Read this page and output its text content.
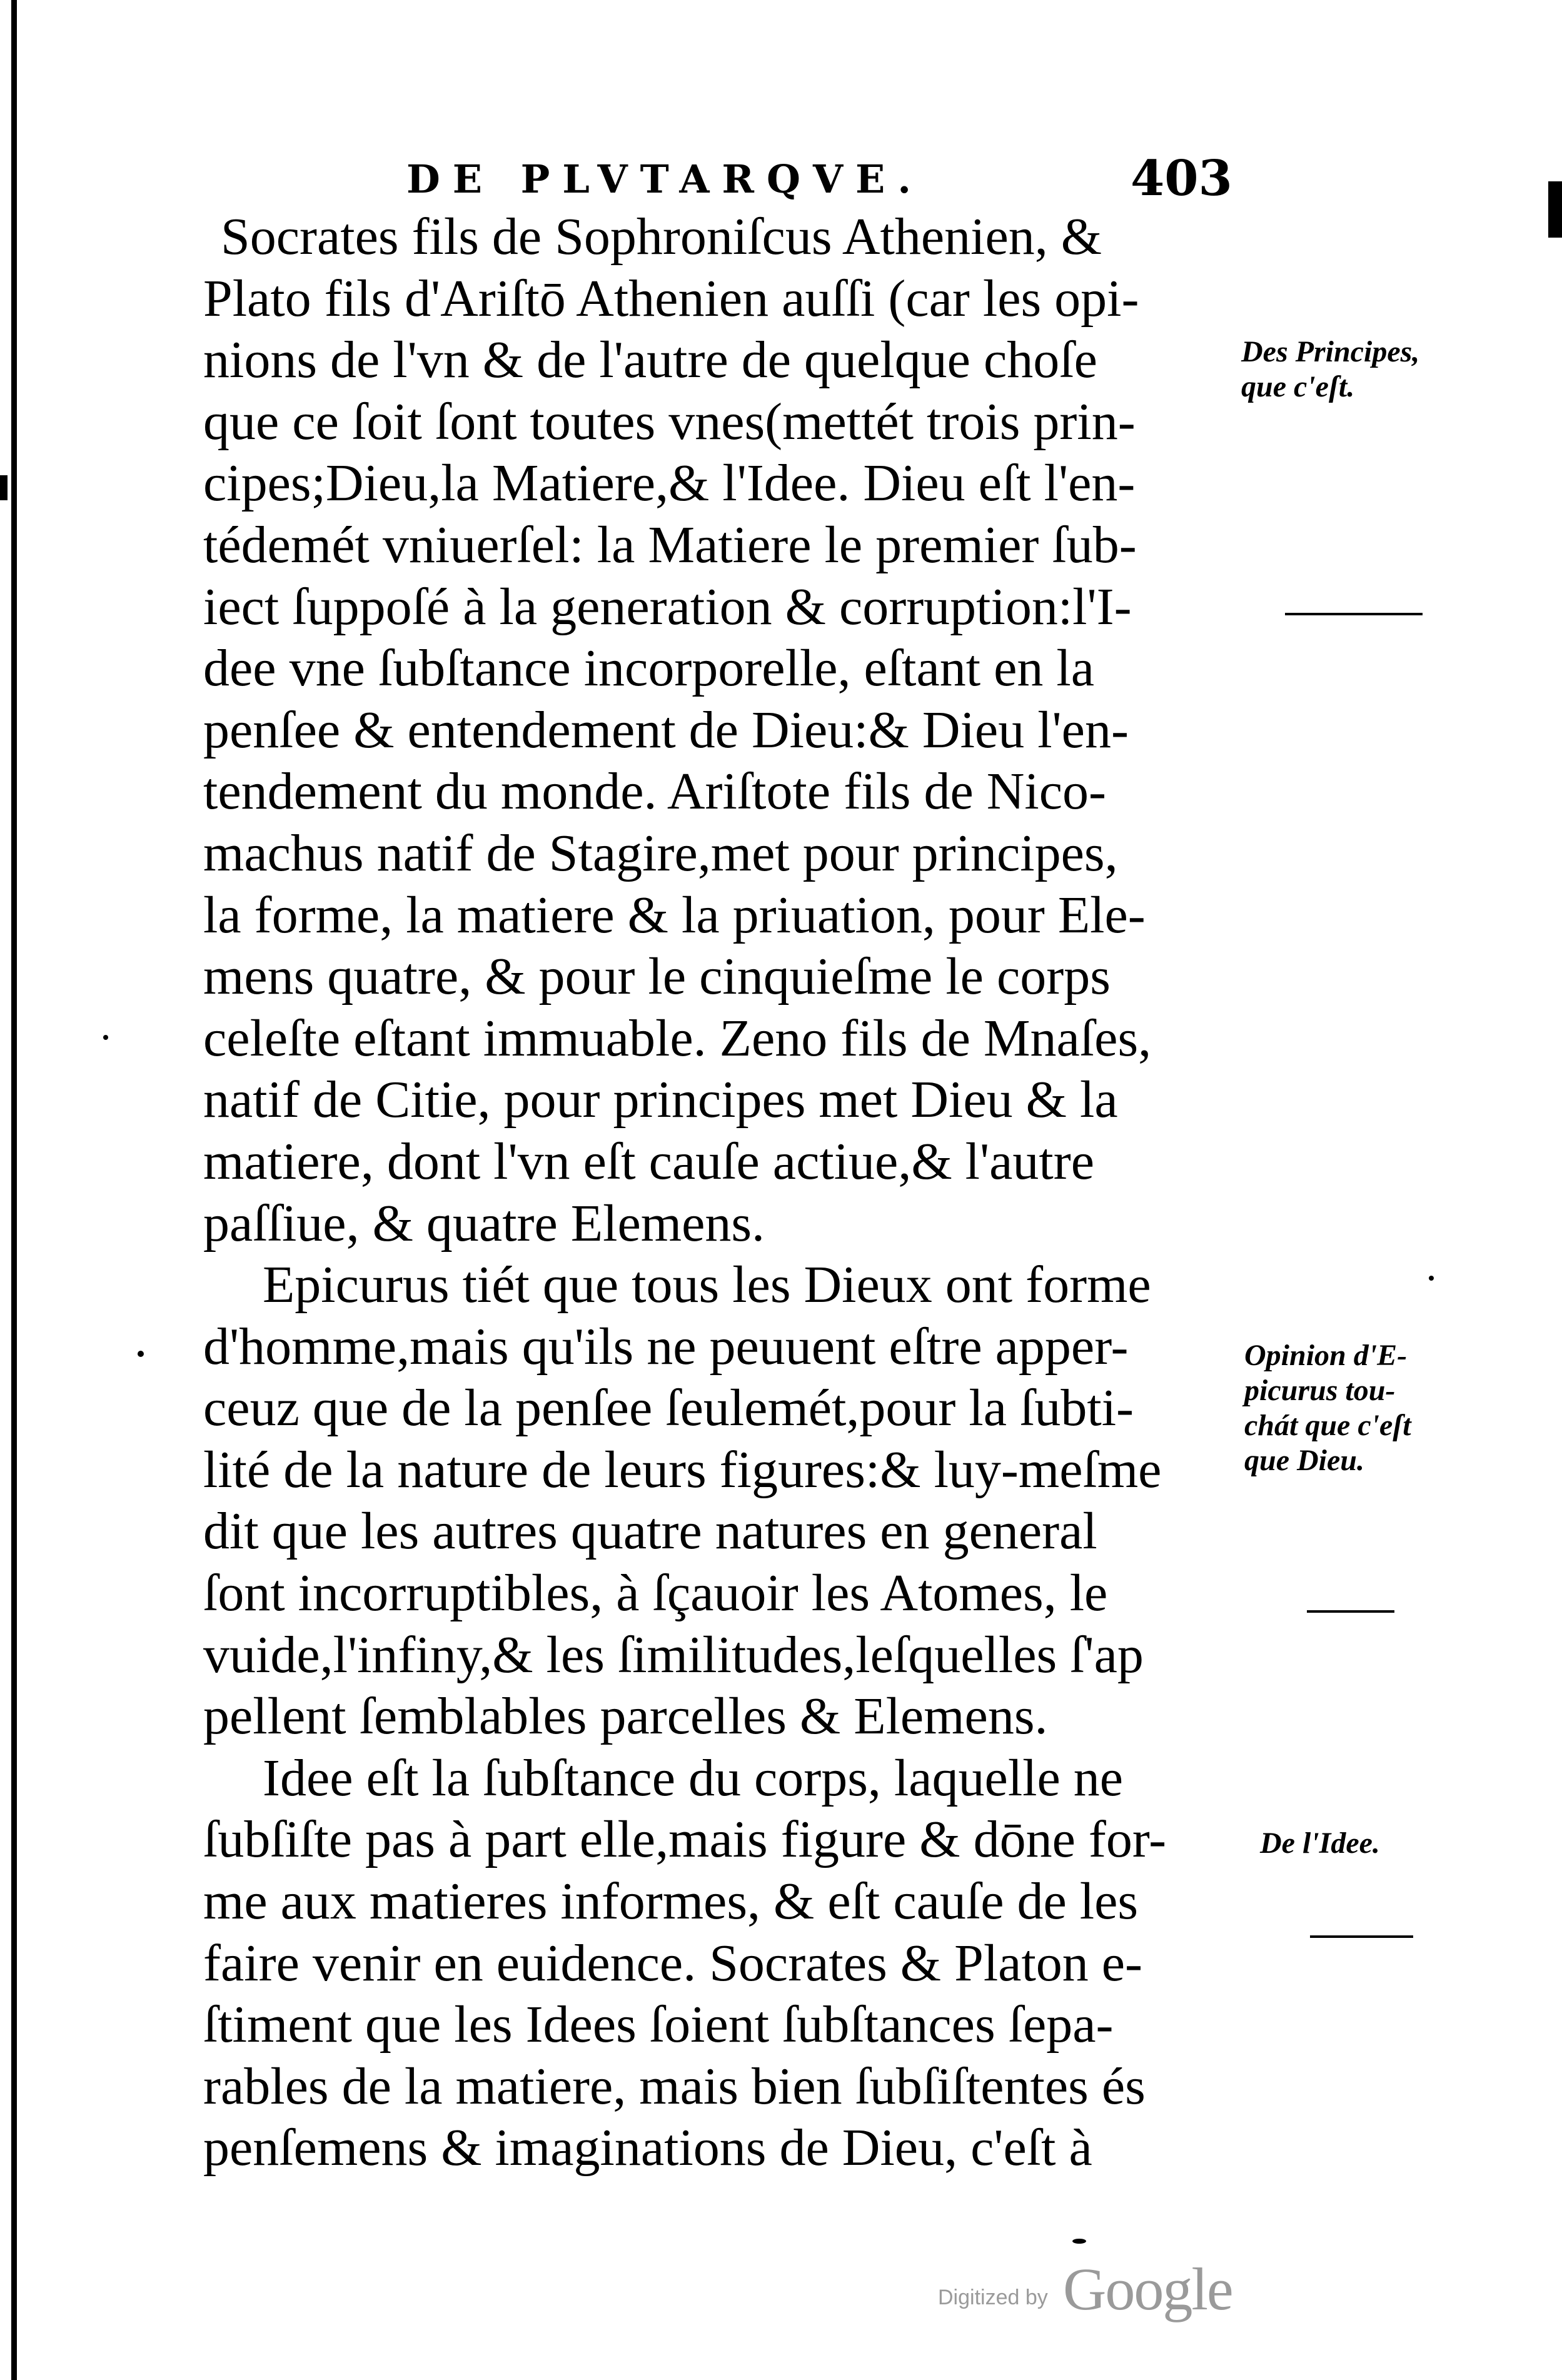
DE PLVTARQVE.	403
Socrates fils de Sophroniſcus Athenien, &
Plato fils d'Ariſtō Athenien auſſi (car les opi-
nions de l'vn & de l'autre de quelque choſe
que ce ſoit ſont toutes vnes(mettét trois prin-
cipes;Dieu,la Matiere,& l'Idee. Dieu eſt l'en-
tédemét vniuerſel: la Matiere le premier ſub-
iect ſuppoſé à la generation & corruption:l'I-
dee vne ſubſtance incorporelle, eſtant en la
penſee & entendement de Dieu:& Dieu l'en-
tendement du monde. Ariſtote fils de Nico-
machus natif de Stagire,met pour principes,
la forme, la matiere & la priuation, pour Ele-
mens quatre, & pour le cinquieſme le corps
celeſte eſtant immuable. Zeno fils de Mnaſes,
natif de Citie, pour principes met Dieu & la
matiere, dont l'vn eſt cauſe actiue,& l'autre
paſſiue, & quatre Elemens.
Epicurus tiét que tous les Dieux ont forme
d'homme,mais qu'ils ne peuuent eſtre apper-
ceuz que de la penſee ſeulemét,pour la ſubti-
lité de la nature de leurs figures:& luy-meſme
dit que les autres quatre natures en general
ſont incorruptibles, à ſçauoir les Atomes, le
vuide,l'infiny,& les ſimilitudes,leſquelles ſ'ap
pellent ſemblables parcelles & Elemens.
Idee eſt la ſubſtance du corps, laquelle ne
ſubſiſte pas à part elle,mais figure & dōne for-
me aux matieres informes, & eſt cauſe de les
faire venir en euidence. Socrates & Platon e-
ſtiment que les Idees ſoient ſubſtances ſepa-
rables de la matiere, mais bien ſubſiſtentes és
penſemens & imaginations de Dieu, c'eſt à
Des Principes,
que c'eſt.
Opinion d'E-
picurus tou-
chát que c'eſt
que Dieu.
De l'Idee.
Digitized by Google
